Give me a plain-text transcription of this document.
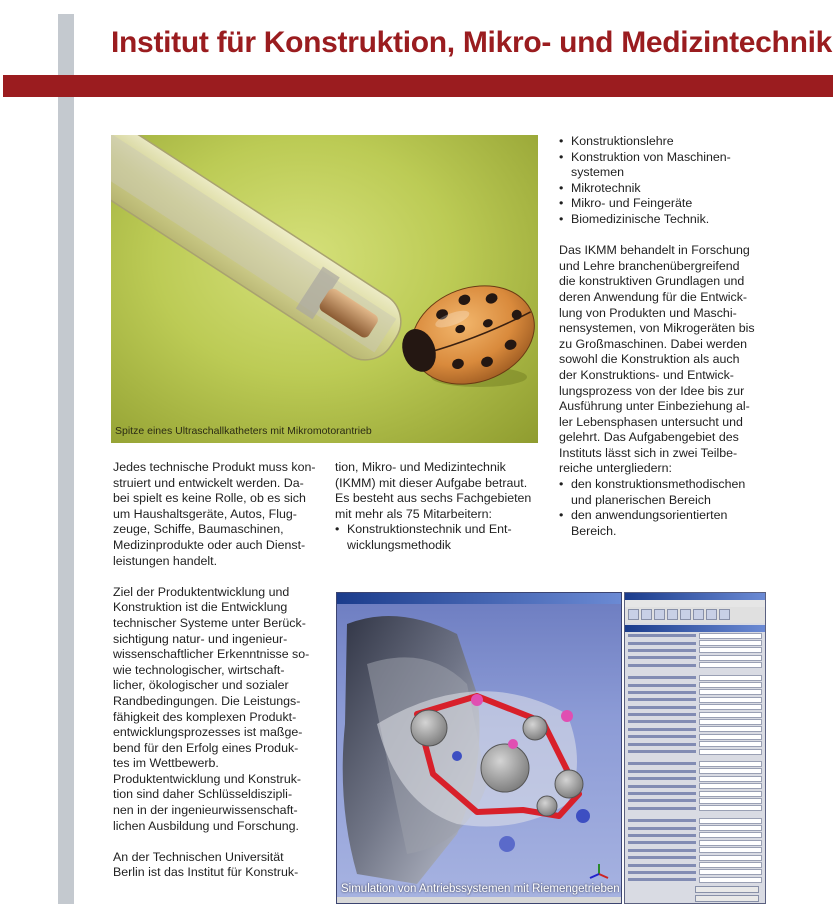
Institut für Konstruktion, Mikro- und Medizintechnik
Spitze eines Ultraschallkatheters mit Mikromotorantrieb
Jedes technische Produkt muss kon-
struiert und entwickelt werden. Da-
bei spielt es keine Rolle, ob es sich
um Haushaltsgeräte, Autos, Flug-
zeuge, Schiffe, Baumaschinen,
Medizinprodukte oder auch Dienst-
leistungen handelt.
Ziel der Produktentwicklung und
Konstruktion ist die Entwicklung
technischer Systeme unter Berück-
sichtigung natur- und ingenieur-
wissenschaftlicher Erkenntnisse so-
wie technologischer, wirtschaft-
licher, ökologischer und sozialer
Randbedingungen. Die Leistungs-
fähigkeit des komplexen Produkt-
entwicklungsprozesses ist maßge-
bend für den Erfolg eines Produk-
tes im Wettbewerb.
Produktentwicklung und Konstruk-
tion sind daher Schlüsseldiszipli-
nen in der ingenieurwissenschaft-
lichen Ausbildung und Forschung.
An der Technischen Universität
Berlin ist das Institut für Konstruk-
tion, Mikro- und Medizintechnik
(IKMM) mit dieser Aufgabe betraut.
Es besteht aus sechs Fachgebieten
mit mehr als 75 Mitarbeitern:
• Konstruktionstechnik und Ent-
wicklungsmethodik
• Konstruktionslehre
• Konstruktion von Maschinen-
systemen
• Mikrotechnik
• Mikro- und Feingeräte
• Biomedizinische Technik.
Das IKMM behandelt in Forschung
und Lehre branchenübergreifend
die konstruktiven Grundlagen und
deren Anwendung für die Entwick-
lung von Produkten und Maschi-
nensystemen, von Mikrogeräten bis
zu Großmaschinen. Dabei werden
sowohl die Konstruktion als auch
der Konstruktions- und Entwick-
lungsprozess von der Idee bis zur
Ausführung unter Einbeziehung al-
ler Lebensphasen untersucht und
gelehrt. Das Aufgabengebiet des
Instituts lässt sich in zwei Teilbe-
reiche untergliedern:
• den konstruktionsmethodischen
und planerischen Bereich
• den anwendungsorientierten
Bereich.
Simulation von Antriebssystemen mit Riemengetrieben
